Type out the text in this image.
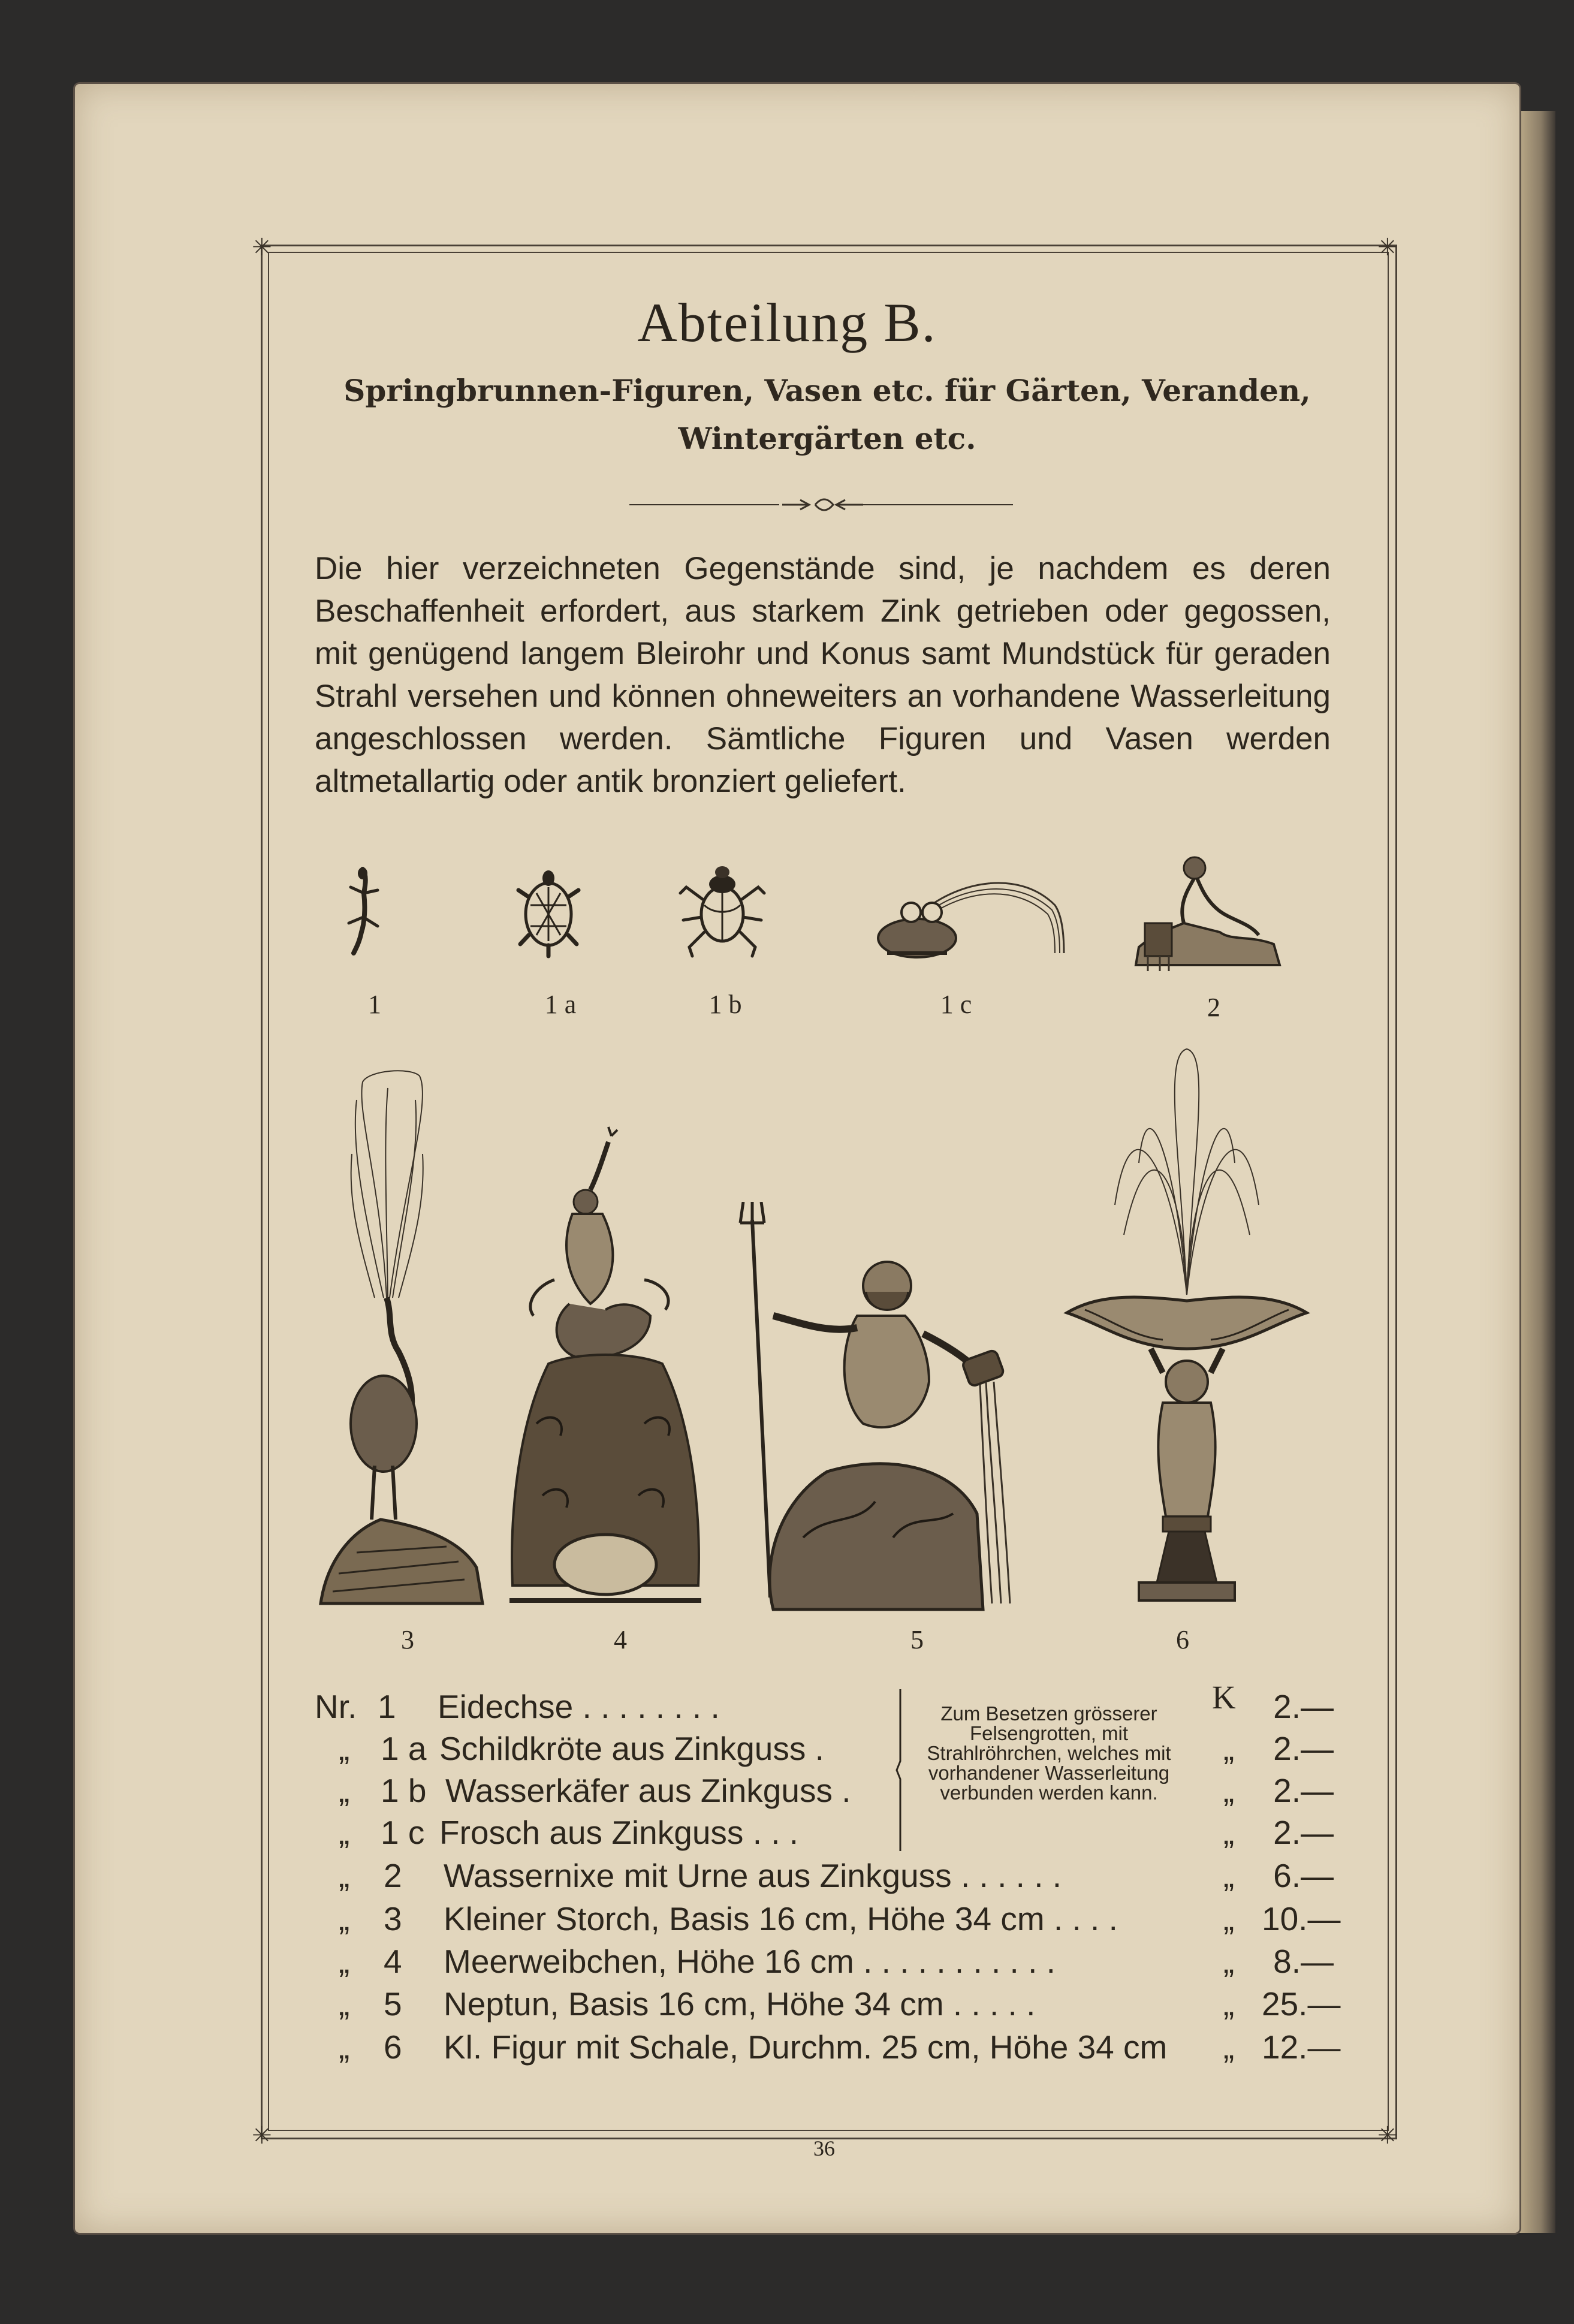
✳	✳
✳	✳
Abteilung B.
Springbrunnen-Figuren, Vasen etc. für Gärten, Veranden,
Wintergärten etc.
Die hier verzeichneten Gegenstände sind, je nachdem es deren Beschaffenheit erfordert, aus starkem Zink getrieben oder gegossen, mit genügend langem Bleirohr und Konus samt Mundstück für geraden Strahl versehen und können ohneweiters an vorhandene Wasserleitung angeschlossen werden. Sämtliche Figuren und Vasen werden altmetallartig oder antik bronziert geliefert.
1	1 a	1 b	1 c	2
3	4	5	6
K
Nr. 1 Eidechse . . . . . . . .	2.—
„ 1 a Schildkröte aus Zinkguss .	„	2.—
„ 1 b Wasserkäfer aus Zinkguss .	„	2.—
„ 1 c Frosch aus Zinkguss . . .	„	2.—
„ 2 Wassernixe mit Urne aus Zinkguss . . . . . .	„	6.—
„ 3 Kleiner Storch, Basis 16 cm, Höhe 34 cm . . . .	„ 10.—
„ 4 Meerweibchen, Höhe 16 cm . . . . . . . . . . .	„	8.—
„ 5 Neptun, Basis 16 cm, Höhe 34 cm . . . . .	„ 25.—
„ 6 Kl. Figur mit Schale, Durchm. 25 cm, Höhe 34 cm „ 12.—
Zum Besetzen grösserer Felsengrotten, mit Strahlröhrchen, welches mit vorhandener Wasserleitung verbunden werden kann.
36
